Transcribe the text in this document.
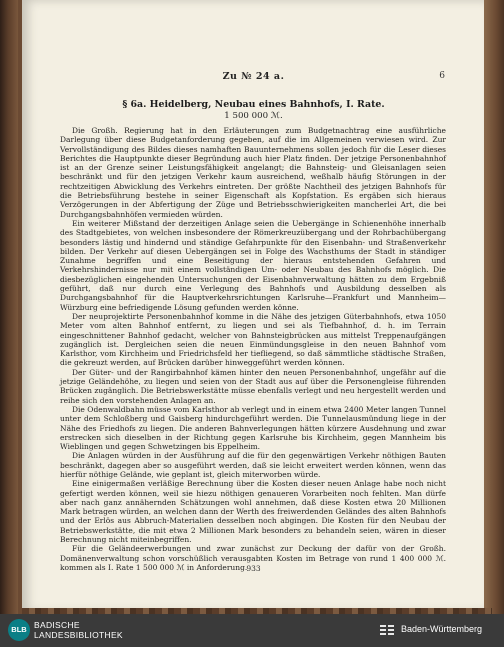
Zu № 24 a.	6
§ 6a. Heidelberg, Neubau eines Bahnhofs, I. Rate.
1 500 000 ℳ.

Die Großh. Regierung hat in den Erläuterungen zum Budgetnachtrag eine ausführliche Darlegung über diese Budgetanforderung gegeben, auf die im Allgemeinen verwiesen wird. Zur Vervollständigung des Bildes dieses namhaften Bauunternehmens sollen jedoch für die Leser dieses Berichtes die Hauptpunkte dieser Begründung auch hier Platz finden. Der jetzige Personenbahnhof ist an der Grenze seiner Leistungsfähigkeit angelangt; die Bahnsteig- und Gleisanlagen seien beschränkt und für den jetzigen Verkehr kaum ausreichend, weßhalb häufig Störungen in der rechtzeitigen Abwicklung des Verkehrs eintreten. Der größte Nachtheil des jetzigen Bahnhofs für die Betriebsführung bestehe in seiner Eigenschaft als Kopfstation. Es ergäben sich hieraus Verzögerungen in der Abfertigung der Züge und Betriebsschwierigkeiten mancherlei Art, die bei Durchgangsbahnhöfen vermieden würden.

Ein weiterer Mißstand der derzeitigen Anlage seien die Uebergänge in Schienenhöhe innerhalb des Stadtgebietes, von welchen insbesondere der Römerkreuzübergang und der Rohrbachübergang besonders lästig und hindernd und ständige Gefahrpunkte für den Eisenbahn- und Straßenverkehr bilden. Der Verkehr auf diesen Uebergängen sei in Folge des Wachsthums der Stadt in ständiger Zunahme begriffen und eine Beseitigung der hieraus entstehenden Gefahren und Verkehrshindernisse nur mit einem vollständigen Um- oder Neubau des Bahnhofs möglich. Die diesbezüglichen eingehenden Untersuchungen der Eisenbahnverwaltung hätten zu dem Ergebniß geführt, daß nur durch eine Verlegung des Bahnhofs und Ausbildung desselben als Durchgangsbahnhof für die Hauptverkehrsrichtungen Karlsruhe—Frankfurt und Mannheim—Würzburg eine befriedigende Lösung gefunden werden könne.

Der neuprojektirte Personenbahnhof komme in die Nähe des jetzigen Güterbahnhofs, etwa 1050 Meter vom alten Bahnhof entfernt, zu liegen und sei als Tiefbahnhof, d. h. im Terrain eingeschnittener Bahnhof gedacht, welcher von Bahnsteigbrücken aus mittelst Treppenaufgängen zugänglich ist. Dergleichen seien die neuen Einmündungsgleise in den neuen Bahnhof vom Karlsthor, vom Kirchheim und Friedrichsfeld her tiefliegend, so daß sämmtliche städtische Straßen, die gekreuzt werden, auf Brücken darüber hinweggeführt werden können.

Der Güter- und der Rangirbahnhof kämen hinter den neuen Personenbahnhof, ungefähr auf die jetzige Geländehöhe, zu liegen und seien von der Stadt aus auf über die Personengleise führenden Brücken zugänglich. Die Betriebswerkstätte müsse ebenfalls verlegt und neu hergestellt werden und reihe sich den vorstehenden Anlagen an.

Die Odenwaldbahn müsse vom Karlsthor ab verlegt und in einem etwa 2400 Meter langen Tunnel unter dem Schloßberg und Gaisberg hindurchgeführt werden. Die Tunnelausmündung liege in der Nähe des Friedhofs zu liegen. Die anderen Bahnverlegungen hätten kürzere Ausdehnung und zwar erstrecken sich dieselben in der Richtung gegen Karlsruhe bis Kirchheim, gegen Mannheim bis Wieblingen und gegen Schwetzingen bis Eppelheim.

Die Anlagen würden in der Ausführung auf die für den gegenwärtigen Verkehr nöthigen Bauten beschränkt, dagegen aber so ausgeführt werden, daß sie leicht erweitert werden können, wenn das hierfür nöthige Gelände, wie geplant ist, gleich miterworben würde.

Eine einigermaßen verläßige Berechnung über die Kosten dieser neuen Anlage habe noch nicht gefertigt werden können, weil sie hiezu nöthigen genaueren Vorarbeiten noch fehlten. Man dürfe aber nach ganz annähernden Schätzungen wohl annehmen, daß diese Kosten etwa 20 Millionen Mark betragen würden, an welchen dann der Werth des freiwerdenden Geländes des alten Bahnhofs und der Erlös aus Abbruch-Materialien desselben noch abgingen. Die Kosten für den Neubau der Betriebswerkstätte, die mit etwa 2 Millionen Mark besonders zu behandeln seien, wären in dieser Berechnung nicht miteinbegriffen.

Für die Geländeerwerbungen und zwar zunächst zur Deckung der dafür von der Großh. Domänenverwaltung schon vorschüßlich verausgabten Kosten im Betrage von rund 1 400 000 ℳ. kommen als I. Rate 1 500 000 ℳ in Anforderung. 933
BLB BADISCHE
LANDESBIBLIOTHEK
Baden-Württemberg
